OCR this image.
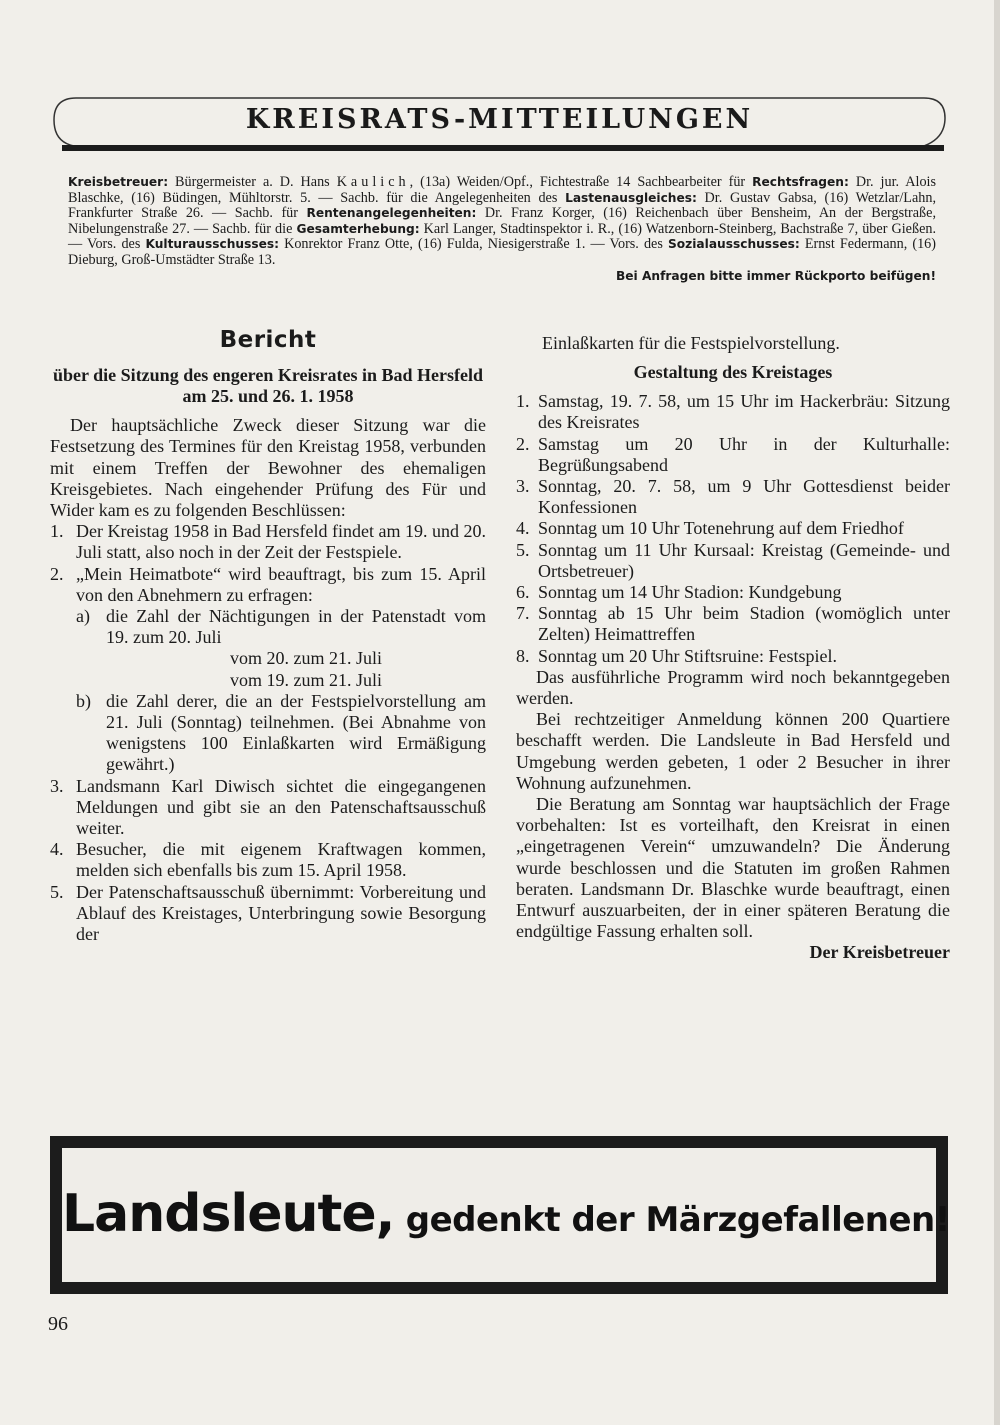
KREISRATS-MITTEILUNGEN
Kreisbetreuer: Bürgermeister a. D. Hans Kaulich, (13a) Weiden/Opf., Fichtestraße 14 Sachbearbeiter für Rechtsfragen: Dr. jur. Alois Blaschke, (16) Büdingen, Mühltorstr. 5. — Sachb. für die Angelegenheiten des Lastenausgleiches: Dr. Gustav Gabsa, (16) Wetzlar/Lahn, Frankfurter Straße 26. — Sachb. für Rentenangelegenheiten: Dr. Franz Korger, (16) Reichenbach über Bensheim, An der Bergstraße, Nibelungenstraße 27. — Sachb. für die Gesamterhebung: Karl Langer, Stadtinspektor i. R., (16) Watzenborn-Steinberg, Bachstraße 7, über Gießen. — Vors. des Kulturausschusses: Konrektor Franz Otte, (16) Fulda, Niesigerstraße 1. — Vors. des Sozialausschusses: Ernst Federmann, (16) Dieburg, Groß-Umstädter Straße 13.
Bei Anfragen bitte immer Rückporto beifügen!
Bericht
über die Sitzung des engeren Kreisrates in Bad Hersfeld am 25. und 26. 1. 1958

Der hauptsächliche Zweck dieser Sitzung war die Festsetzung des Termines für den Kreistag 1958, verbunden mit einem Treffen der Bewohner des ehemaligen Kreisgebietes. Nach eingehender Prüfung des Für und Wider kam es zu folgenden Beschlüssen:

1. Der Kreistag 1958 in Bad Hersfeld findet am 19. und 20. Juli statt, also noch in der Zeit der Festspiele.
2. „Mein Heimatbote“ wird beauftragt, bis zum 15. April von den Abnehmern zu erfragen:
a) die Zahl der Nächtigungen in der Patenstadt vom 19. zum 20. Juli
vom 20. zum 21. Juli
vom 19. zum 21. Juli
b) die Zahl derer, die an der Festspielvorstellung am 21. Juli (Sonntag) teilnehmen. (Bei Abnahme von wenigstens 100 Einlaßkarten wird Ermäßigung gewährt.)
3. Landsmann Karl Diwisch sichtet die eingegangenen Meldungen und gibt sie an den Patenschaftsausschuß weiter.
4. Besucher, die mit eigenem Kraftwagen kommen, melden sich ebenfalls bis zum 15. April 1958.
5. Der Patenschaftsausschuß übernimmt: Vorbereitung und Ablauf des Kreistages, Unterbringung sowie Besorgung der

Einlaßkarten für die Festspielvorstellung.

Gestaltung des Kreistages
1. Samstag, 19. 7. 58, um 15 Uhr im Hackerbräu: Sitzung des Kreisrates
2. Samstag um 20 Uhr in der Kulturhalle: Begrüßungsabend
3. Sonntag, 20. 7. 58, um 9 Uhr Gottesdienst beider Konfessionen
4. Sonntag um 10 Uhr Totenehrung auf dem Friedhof
5. Sonntag um 11 Uhr Kursaal: Kreistag (Gemeinde- und Ortsbetreuer)
6. Sonntag um 14 Uhr Stadion: Kundgebung
7. Sonntag ab 15 Uhr beim Stadion (womöglich unter Zelten) Heimattreffen
8. Sonntag um 20 Uhr Stiftsruine: Festspiel.

Das ausführliche Programm wird noch bekanntgegeben werden.

Bei rechtzeitiger Anmeldung können 200 Quartiere beschafft werden. Die Landsleute in Bad Hersfeld und Umgebung werden gebeten, 1 oder 2 Besucher in ihrer Wohnung aufzunehmen.

Die Beratung am Sonntag war hauptsächlich der Frage vorbehalten: Ist es vorteilhaft, den Kreisrat in einen „eingetragenen Verein“ umzuwandeln? Die Änderung wurde beschlossen und die Statuten im großen Rahmen beraten. Landsmann Dr. Blaschke wurde beauftragt, einen Entwurf auszuarbeiten, der in einer späteren Beratung die endgültige Fassung erhalten soll.

Der Kreisbetreuer

Landsleute, gedenkt der Märzgefallenen!
96
